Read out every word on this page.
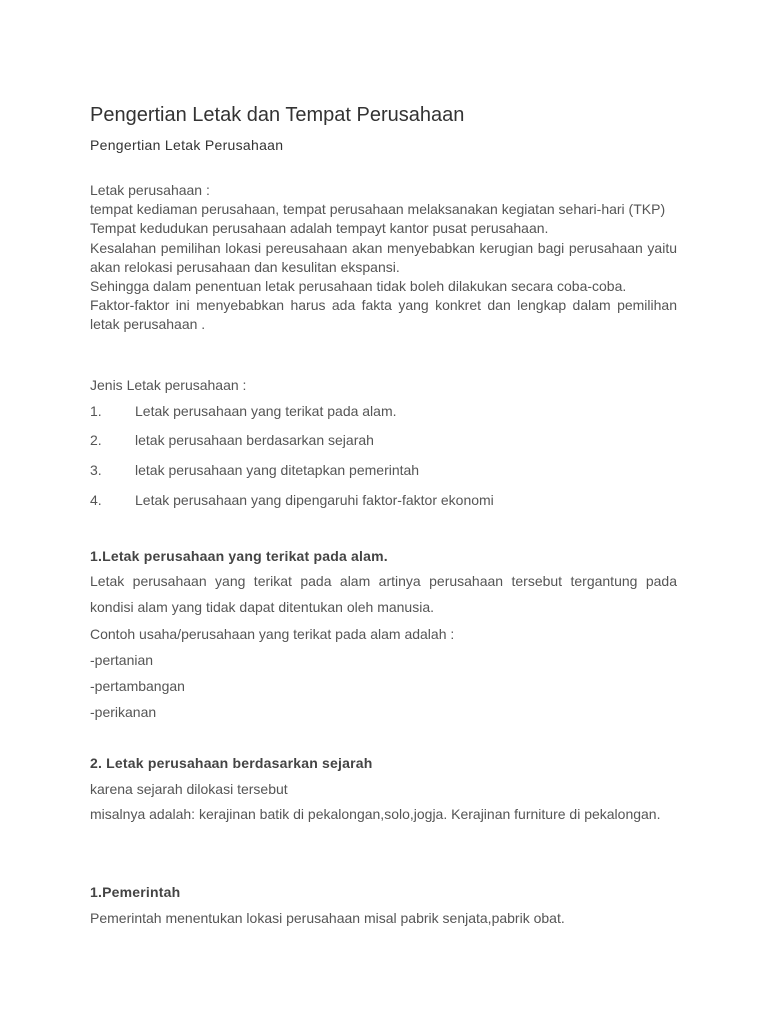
Pengertian Letak dan Tempat Perusahaan
Pengertian Letak Perusahaan

Letak perusahaan :

tempat kediaman perusahaan, tempat perusahaan melaksanakan kegiatan sehari-hari (TKP)

Tempat kedudukan perusahaan adalah tempayt kantor pusat perusahaan.

Kesalahan pemilihan lokasi pereusahaan akan menyebabkan kerugian bagi perusahaan yaitu akan relokasi perusahaan dan kesulitan ekspansi.

Sehingga dalam penentuan letak perusahaan tidak boleh dilakukan secara coba-coba.

Faktor-faktor ini menyebabkan harus ada fakta yang konkret dan lengkap dalam pemilihan letak perusahaan .

Jenis Letak perusahaan :
1.	Letak perusahaan yang terikat pada alam.
2.	letak perusahaan berdasarkan sejarah
3.	letak perusahaan yang ditetapkan pemerintah
4.	Letak perusahaan yang dipengaruhi faktor-faktor ekonomi
1.Letak perusahaan yang terikat pada alam.
Letak perusahaan yang terikat pada alam artinya perusahaan tersebut tergantung pada kondisi alam yang tidak dapat ditentukan oleh manusia.
Contoh usaha/perusahaan yang terikat pada alam adalah :
-pertanian
-pertambangan
-perikanan
2. Letak perusahaan berdasarkan sejarah
karena sejarah dilokasi tersebut
misalnya adalah: kerajinan batik di pekalongan,solo,jogja. Kerajinan furniture di pekalongan.
1.Pemerintah
Pemerintah menentukan lokasi perusahaan misal pabrik senjata,pabrik obat.
